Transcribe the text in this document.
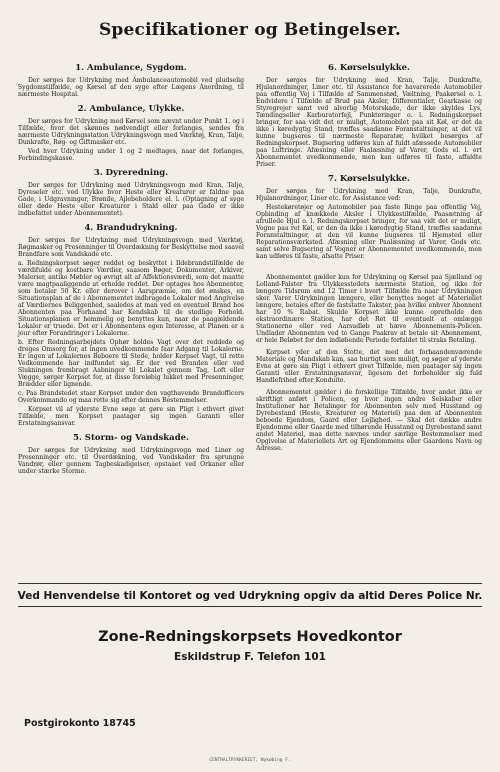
Specifikationer og Betingelser.
1. Ambulance, Sygdom.

Der sørges for Udrykning med Ambulanceautomobil ved pludselig Sygdomstilfælde, og Kørsel af den syge efter Lægens Anordning, til nærmeste Hospital.

2. Ambulance, Ulykke.

Der sørges for Udrykning med Kørsel som nævnt under Punkt 1. og i Tilfælde, hvor det skønnes nødvendigt eller forlanges, sendes fra nærmeste Udrykningsstation Udrykningsvogn med Værktøj, Kran, Talje, Dunkrafte, Røg- og Giftmasker etc.

Ved hver Udrykning under 1 og 2 medtages, naar det forlanges, Forbindingskasse.

3. Dyreredning.

Der sørges for Udrykning med Udrykningsvogn med Kran, Talje, Dyreseler etc. ved Ulykke hvor Heste eller Kreaturer er faldne paa Gade, i Udgravninger, Brønde, Ajlebeholdere el. l. (Optagning af syge eller døde Heste eller Kreaturer i Stald eller paa Gade er ikke indbefattet under Abonnementet).

4. Brandudrykning.

Der sørges for Udrykning med Udrykningsvogn med Værktøj, Røgmasker og Presenninger til Overdækning for Beskyttelse mod saavel Brandfare som Vandskade etc.

a. Redningskorpset søger reddet og beskyttet i Ildebrandstilfælde de værdifulde og kostbare Værdier, saasom Bøger, Dokumenter, Arkiver, Malerier, antike Møbler og øvrigt alt af Affektionsværdi, som det maatte være magtpaaliggende at erholde reddet. Der optages hos Abonnenter, som betaler 50 Kr. eller derover i Aarspræmie, om det ønskes, en Situationsplan af de i Abonnementet indbragede Lokaler med Angivelse af Værdiernes Beliggenhed, saaledes at man ved en eventuel Brand hos Abonnenten paa Forhaand har Kendskab til de stedlige Forhold. Situationsplanen er hemmelig og benyttes kun, naar de paagældende Lokaler er truede. Det er i Abonnentens egen Interesse, at Planen er a jour efter Forandringer i Lokalerne.

b. Efter Redningsarbejdets Ophør holdes Vagt over det reddede og dreges Omsorg for, at ingen uvedkommende faar Adgang til Lokalerne. Er ingen af Lokalernes Beboere til Stede, holder Korpset Vagt, til rette Vedkommende har indfundet sig. Er der ved Branden eller ved Slukningen frembragt Aabninger til Lokalet gennem Tag, Loft eller Vægge, sørger Korpset for, at disse foreløbig lukket med Presenninger, Brædder eller lignende.

c. Paa Brandstedet staar Korpset under den vagthavende Brandofficers Overkommando og maa rette sig efter dennes Bestemmelser.

Korpset vil af yderste Evne søge at gøre sin Pligt i ethvert givet Tilfælde, men Korpset paatager sig ingen Garanti eller Erstatningsansvar.

5. Storm- og Vandskade.

Der sørges for Udrykning med Udrykningsvogn med Liner og Presenninger etc. til Overdækning, ved Vandskader fra sprungne Vandrør, eller gennem Tagbeskadigelser, opstaaet ved Orkaner eller under stærke Storme.

6. Kørselsulykke.

Der sørges for Udrykning med Kran, Talje, Dunkrafte, Hjulanordninger, Liner etc. til Assistance for havarerede Automobiler paa offentlig Vej i Tilfælde af Sammenstød, Væltning, Paakørsel o. l. Endvidere i Tilfælde af Brud paa Aksler, Differentialer, Gearkasse og Styregrejer samt ved alvorlig Motorskade, der ikke skyldes Lys, Tændingseller Karburatorfejl, Punkteringer o. l. Redningskorpset bringer, for saa vidt det er muligt, Automobilet paa sit Køl, er det da ikke i køredygtig Stand, træffes saadanne Foranstaltninger, at det vil kunne bugseres til nærmeste Reparatør, hvilket besørges af Redningskorpset. Bugsering udføres kun af fuldt afæssede Automobiler paa Luftringe. Afæsning eller Faalæsning af Varer, Gods el. l. ert Abonnementet uvedkommende, men kan udføres til faste, affaldte Priser.

7. Kørselsulykke.

Der sørges for Udrykning med Kran, Talje, Dunkrafte, Hjulanordninger, Liner etc. for Assistance ved:

Hestekøretøjer og Automobiler paa faste Ringe paa offentlig Vej, Opbinding af knækkede Aksler i Ulykkestilfælde, Paasætning af afrullede Hjul o. l. Redningskorpset bringer, for saa vidt det er muligt, Vogne paa ret Køl, er den da ikke i køredygtig Stand, træffes saadanne Foranstaltninger, at den vil kunne bugseres til Hjemsted eller Reparationsværksted. Afæsning eller Paalæsning af Varer, Gods etc. samt selve Bugsering af Vogner er Abonnementet uvedkommende, men kan udføres til faste, afsatte Priser.

Abonnementet gælder kun for Udrykning og Kørsel paa Sjælland og Lolland-Falster fra Ulykkesstedets nærmeste Station, og ikke for længere Tidsrum end 12 Timer i hvert Tilfælde fra naar Udrykningen sker. Varer Udrykningen længere, eller benyttes noget af Materiellet længere, betales efter de faststatte Takster, paa hvilke enhver Abonnent har 10 % Rabat. Skulde Korpset ikke kunne opretholde den ekstraordinære Station, har det Ret til eventuelt at omlægge Stationerne eller ved Aarsudløb at hæve Abonnements-Policen. Undlader Abonnenten ved to Gange Paakrav at betale sit Abonnement, er hele Beløbet for den indløbende Periode forfaldet til straks Betaling.

Korpset yder af den Stotte, det med det forhaandenværende Materiale og Mandskab kan, saa hurtigt som muligt, og søger af yderste Evne at gøre sin Pligt i ethvert givet Tilfælde, men paatager sig ingen Garanti eller Erstatningsansvar, ligesom det forbeholder sig fuld Handlefrihed efter Konduite.

Abonnementet gælder i de forskellige Tilfælde, hvor andet ikke er skriftligt anført i Policen, og hvor ingen andre Selskaber eller Institutioner har Betalinger for Abonnenten selv med Husstand og Dyrebestand (Heste, Kreaturer og Materiel) paa den af Abonnenten beboede Ejendom, Gaard eller Lejlighed. — Skal det dække andre Ejendomme eller Gaarde med tilhørende Husstand og Dyrebestand samt andet Materiel, maa dette nævnes under særlige Bestemmelser med Opgivelse af Materiellets Art og Ejendommens eller Gaardens Navn og Adresse.

Ved Henvendelse til Kontoret og ved Udrykning opgiv da altid Deres Police Nr.
Zone-Redningskorpsets Hovedkontor
Eskildstrup F. Telefon 101
Postgirokonto 18745
CENTRALTRYKKERIET, Nykøbing F.
